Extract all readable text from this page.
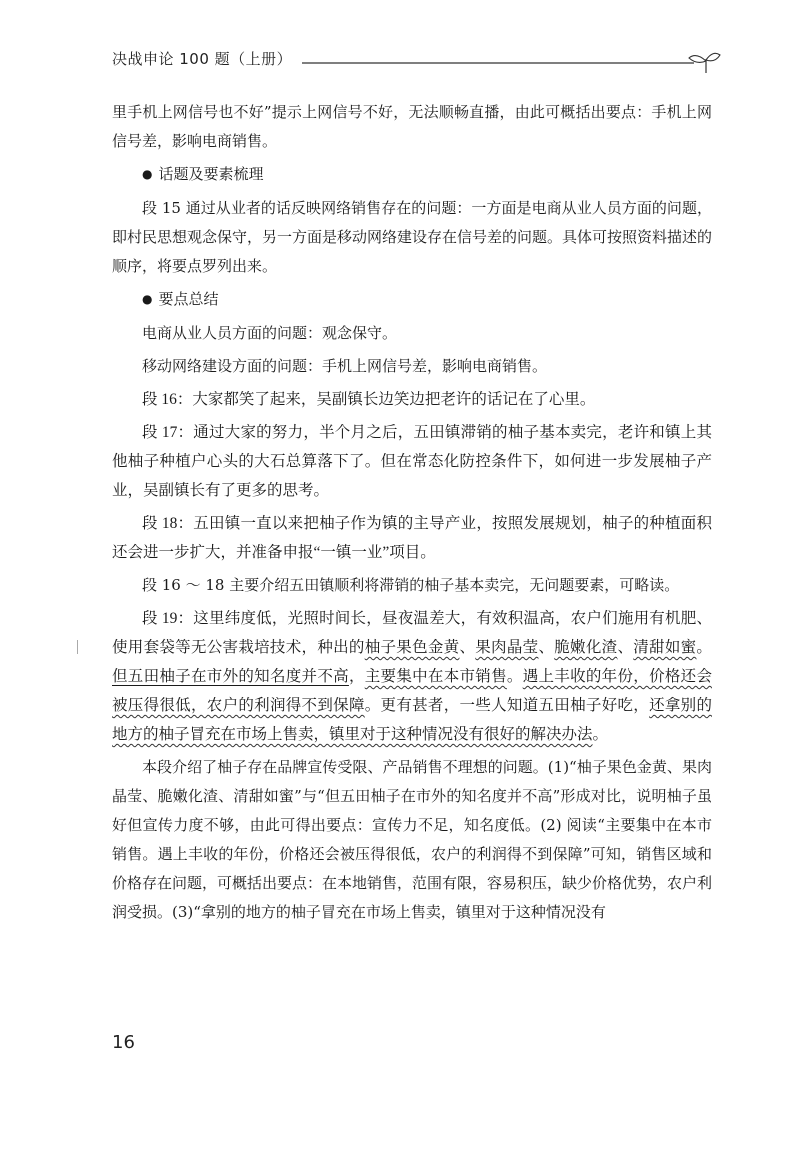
决战申论 100 题（上册）

里手机上网信号也不好”提示上网信号不好，无法顺畅直播，由此可概括出要点：手机上网信号差，影响电商销售。

● 话题及要素梳理

段 15 通过从业者的话反映网络销售存在的问题：一方面是电商从业人员方面的问题，即村民思想观念保守，另一方面是移动网络建设存在信号差的问题。具体可按照资料描述的顺序，将要点罗列出来。

● 要点总结

电商从业人员方面的问题：观念保守。

移动网络建设方面的问题：手机上网信号差，影响电商销售。

段 16：大家都笑了起来，吴副镇长边笑边把老许的话记在了心里。

段 17：通过大家的努力，半个月之后，五田镇滞销的柚子基本卖完，老许和镇上其他柚子种植户心头的大石总算落下了。但在常态化防控条件下，如何进一步发展柚子产业，吴副镇长有了更多的思考。

段 18：五田镇一直以来把柚子作为镇的主导产业，按照发展规划，柚子的种植面积还会进一步扩大，并准备申报“一镇一业”项目。

段 16 ～ 18 主要介绍五田镇顺利将滞销的柚子基本卖完，无问题要素，可略读。

段 19：这里纬度低，光照时间长，昼夜温差大，有效积温高，农户们施用有机肥、使用套袋等无公害栽培技术，种出的柚子果色金黄、果肉晶莹、脆嫩化渣、清甜如蜜。但五田柚子在市外的知名度并不高，主要集中在本市销售。遇上丰收的年份，价格还会被压得很低，农户的利润得不到保障。更有甚者，一些人知道五田柚子好吃，还拿别的地方的柚子冒充在市场上售卖，镇里对于这种情况没有很好的解决办法。

本段介绍了柚子存在品牌宣传受限、产品销售不理想的问题。(1)“柚子果色金黄、果肉晶莹、脆嫩化渣、清甜如蜜”与“但五田柚子在市外的知名度并不高”形成对比，说明柚子虽好但宣传力度不够，由此可得出要点：宣传力不足，知名度低。(2) 阅读“主要集中在本市销售。遇上丰收的年份，价格还会被压得很低，农户的利润得不到保障”可知，销售区域和价格存在问题，可概括出要点：在本地销售，范围有限，容易积压，缺少价格优势，农户利润受损。(3)“拿别的地方的柚子冒充在市场上售卖，镇里对于这种情况没有

16
